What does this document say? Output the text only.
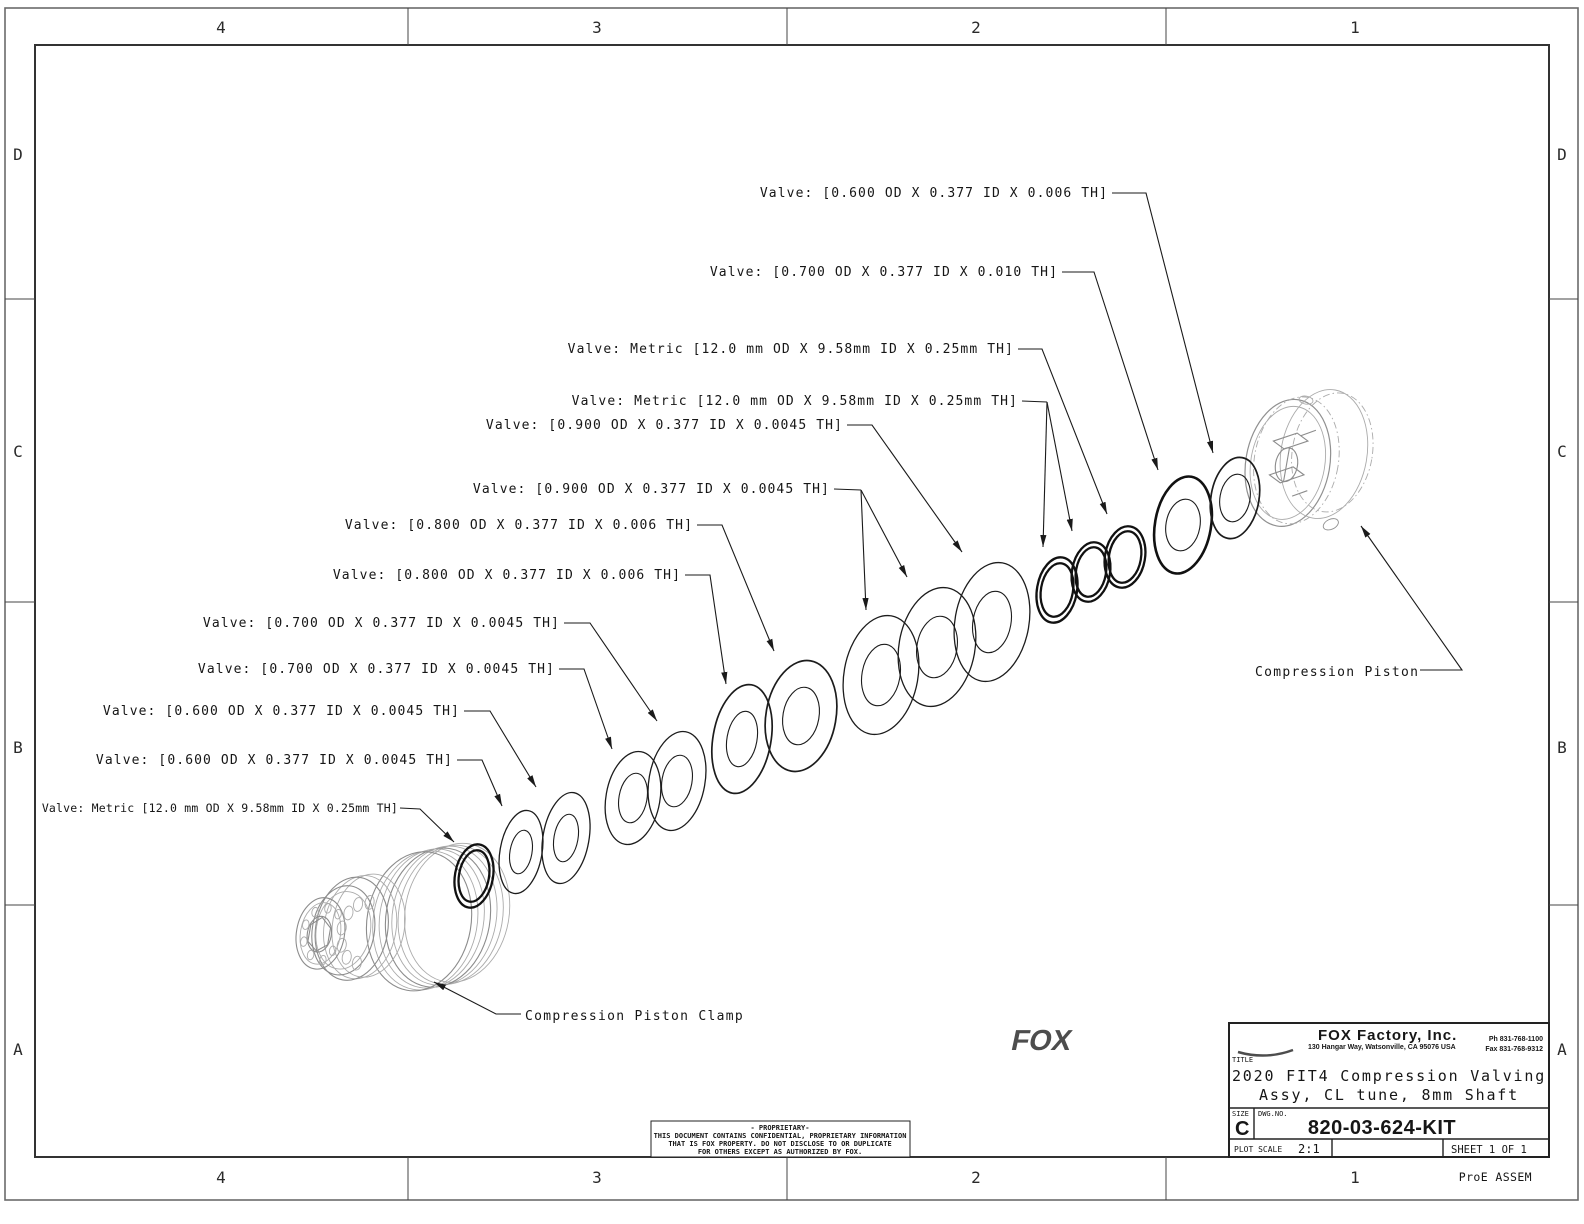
4	3	2	1
4	3	2	1
D
C
B
A
D
C
B
A
ProE ASSEM
Valve: [0.600 OD X 0.377 ID X 0.006 TH]
Valve: [0.700 OD X 0.377 ID X 0.010 TH]
Valve: Metric [12.0 mm OD X 9.58mm ID X 0.25mm TH]
Valve: Metric [12.0 mm OD X 9.58mm ID X 0.25mm TH]
Valve: [0.900 OD X 0.377 ID X 0.0045 TH]
Valve: [0.900 OD X 0.377 ID X 0.0045 TH]
Valve: [0.800 OD X 0.377 ID X 0.006 TH]
Valve: [0.800 OD X 0.377 ID X 0.006 TH]
Valve: [0.700 OD X 0.377 ID X 0.0045 TH]
Valve: [0.700 OD X 0.377 ID X 0.0045 TH]
Valve: [0.600 OD X 0.377 ID X 0.0045 TH]
Valve: [0.600 OD X 0.377 ID X 0.0045 TH]
Valve: Metric [12.0 mm OD X 9.58mm ID X 0.25mm TH]
Compression Piston
Compression Piston Clamp
- PROPRIETARY-
THIS DOCUMENT CONTAINS CONFIDENTIAL, PROPRIETARY INFORMATION
THAT IS FOX PROPERTY. DO NOT DISCLOSE TO OR DUPLICATE
FOR OTHERS EXCEPT AS AUTHORIZED BY FOX.
FOX	FOX Factory, Inc.
130 Hangar Way, Watsonville, CA 95076 USA
Ph 831-768-1100
Fax 831-768-9312
TITLE
2020 FIT4 Compression Valving
Assy, CL tune, 8mm Shaft
SIZE
C
DWG.NO.
820-03-624-KIT
PLOT SCALE 2:1	SHEET 1 OF 1
